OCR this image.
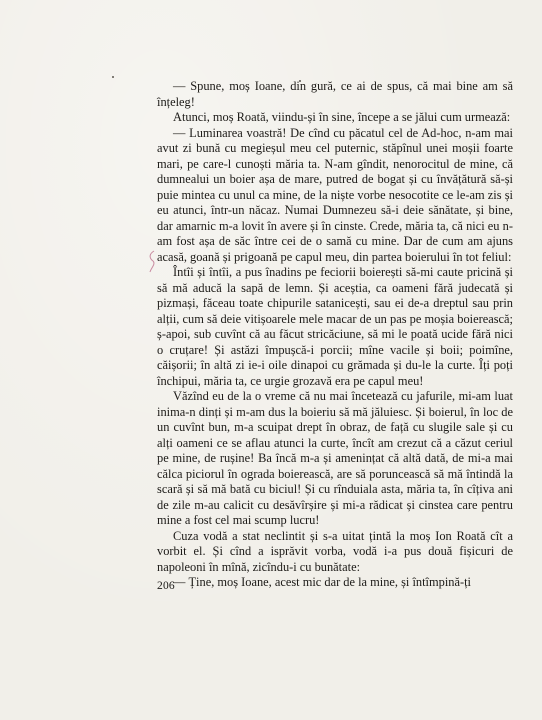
— Spune, moș Ioane, din gură, ce ai de spus, că mai bine am să înțeleg!

Atunci, moș Roată, viindu-și în sine, începe a se jălui cum urmează:

— Luminarea voastră! De cînd cu păcatul cel de Ad-hoc, n-am mai avut zi bună cu megieșul meu cel puternic, stăpînul unei moșii foarte mari, pe care-l cunoști măria ta. N-am gîndit, nenorocitul de mine, că dumnealui un boier așa de mare, putred de bogat și cu învățătură să-și puie mintea cu unul ca mine, de la niște vorbe nesocotite ce le-am zis și eu atunci, într-un năcaz. Numai Dumnezeu să-i deie sănătate, și bine, dar amarnic m-a lovit în avere și în cinste. Crede, măria ta, că nici eu n-am fost așa de săc între cei de o samă cu mine. Dar de cum am ajuns acasă, goană și prigoană pe capul meu, din partea boierului în tot feliul:

Întîi și întîi, a pus înadins pe feciorii boierești să-mi caute pricină și să mă aducă la sapă de lemn. Și aceștia, ca oameni fără judecată și pizmași, făceau toate chipurile satanicești, sau ei de-a dreptul sau prin alții, cum să deie vitișoarele mele macar de un pas pe moșia boierească; ș-apoi, sub cuvînt că au făcut stricăciune, să mi le poată ucide fără nici o cruțare! Și astăzi împușcă-i porcii; mîne vacile și boii; poimîne, căișorii; în altă zi ie-i oile dinapoi cu grămada și du-le la curte. Îți poți închipui, măria ta, ce urgie grozavă era pe capul meu!

Văzînd eu de la o vreme că nu mai încetează cu jafurile, mi-am luat inima-n dinți și m-am dus la boieriu să mă jăluiesc. Și boierul, în loc de un cuvînt bun, m-a scuipat drept în obraz, de față cu slugile sale și cu alți oameni ce se aflau atunci la curte, încît am crezut că a căzut ceriul pe mine, de rușine! Ba încă m-a și amenințat că altă dată, de mi-a mai călca piciorul în ograda boierească, are să poruncească să mă întindă la scară și să mă bată cu biciul! Și cu rînduiala asta, măria ta, în cîțiva ani de zile m-au calicit cu desăvîrșire și mi-a rădicat și cinstea care pentru mine a fost cel mai scump lucru!

Cuza vodă a stat neclintit și s-a uitat țintă la moș Ion Roată cît a vorbit el. Și cînd a isprăvit vorba, vodă i-a pus două fișicuri de napoleoni în mînă, zicîndu-i cu bunătate:

— Ține, moș Ioane, acest mic dar de la mine, și întîmpină-ți

206
